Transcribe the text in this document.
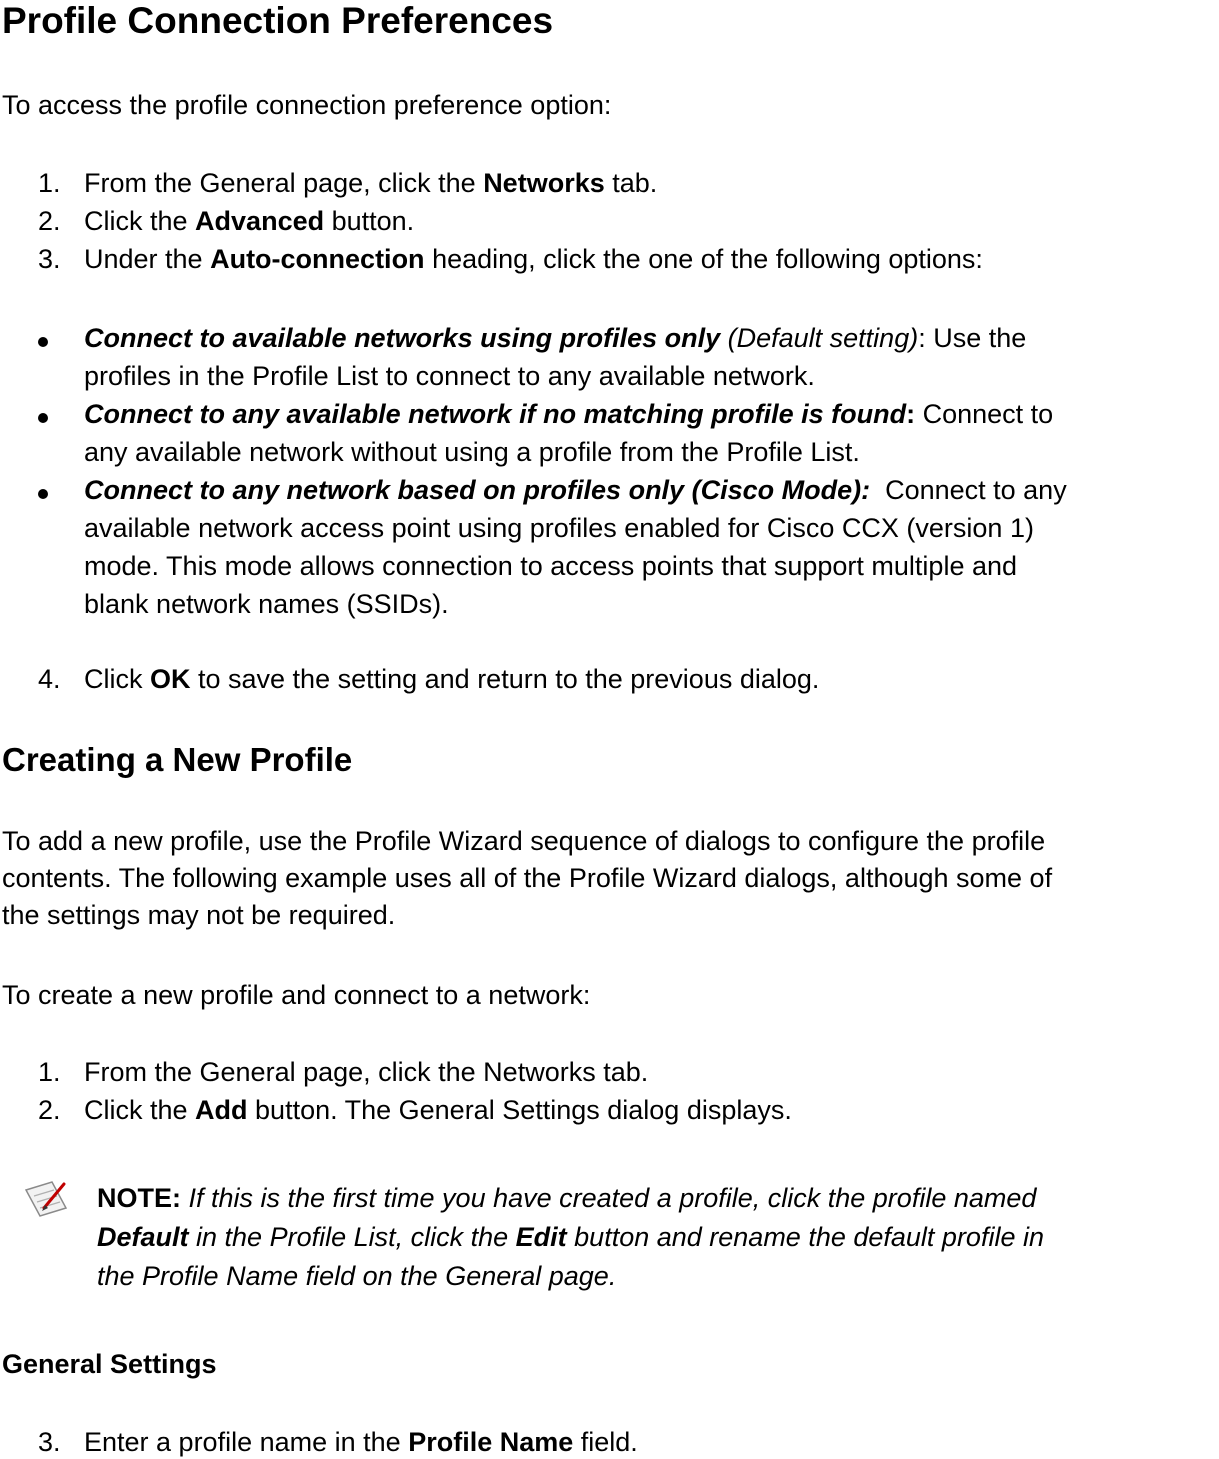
Profile Connection Preferences

To access the profile connection preference option:

1. From the General page, click the Networks tab.
2. Click the Advanced button.
3. Under the Auto-connection heading, click the one of the following options:
Connect to available networks using profiles only (Default setting): Use the
profiles in the Profile List to connect to any available network.
Connect to any available network if no matching profile is found: Connect to
any available network without using a profile from the Profile List.
Connect to any network based on profiles only (Cisco Mode):  Connect to any
available network access point using profiles enabled for Cisco CCX (version 1)
mode. This mode allows connection to access points that support multiple and
blank network names (SSIDs).
4. Click OK to save the setting and return to the previous dialog.
Creating a New Profile
To add a new profile, use the Profile Wizard sequence of dialogs to configure the profile
contents. The following example uses all of the Profile Wizard dialogs, although some of
the settings may not be required.

To create a new profile and connect to a network:

1. From the General page, click the Networks tab.
2. Click the Add button. The General Settings dialog displays.
NOTE: If this is the first time you have created a profile, click the profile named
Default in the Profile List, click the Edit button and rename the default profile in
the Profile Name field on the General page.
General Settings
3. Enter a profile name in the Profile Name field.
